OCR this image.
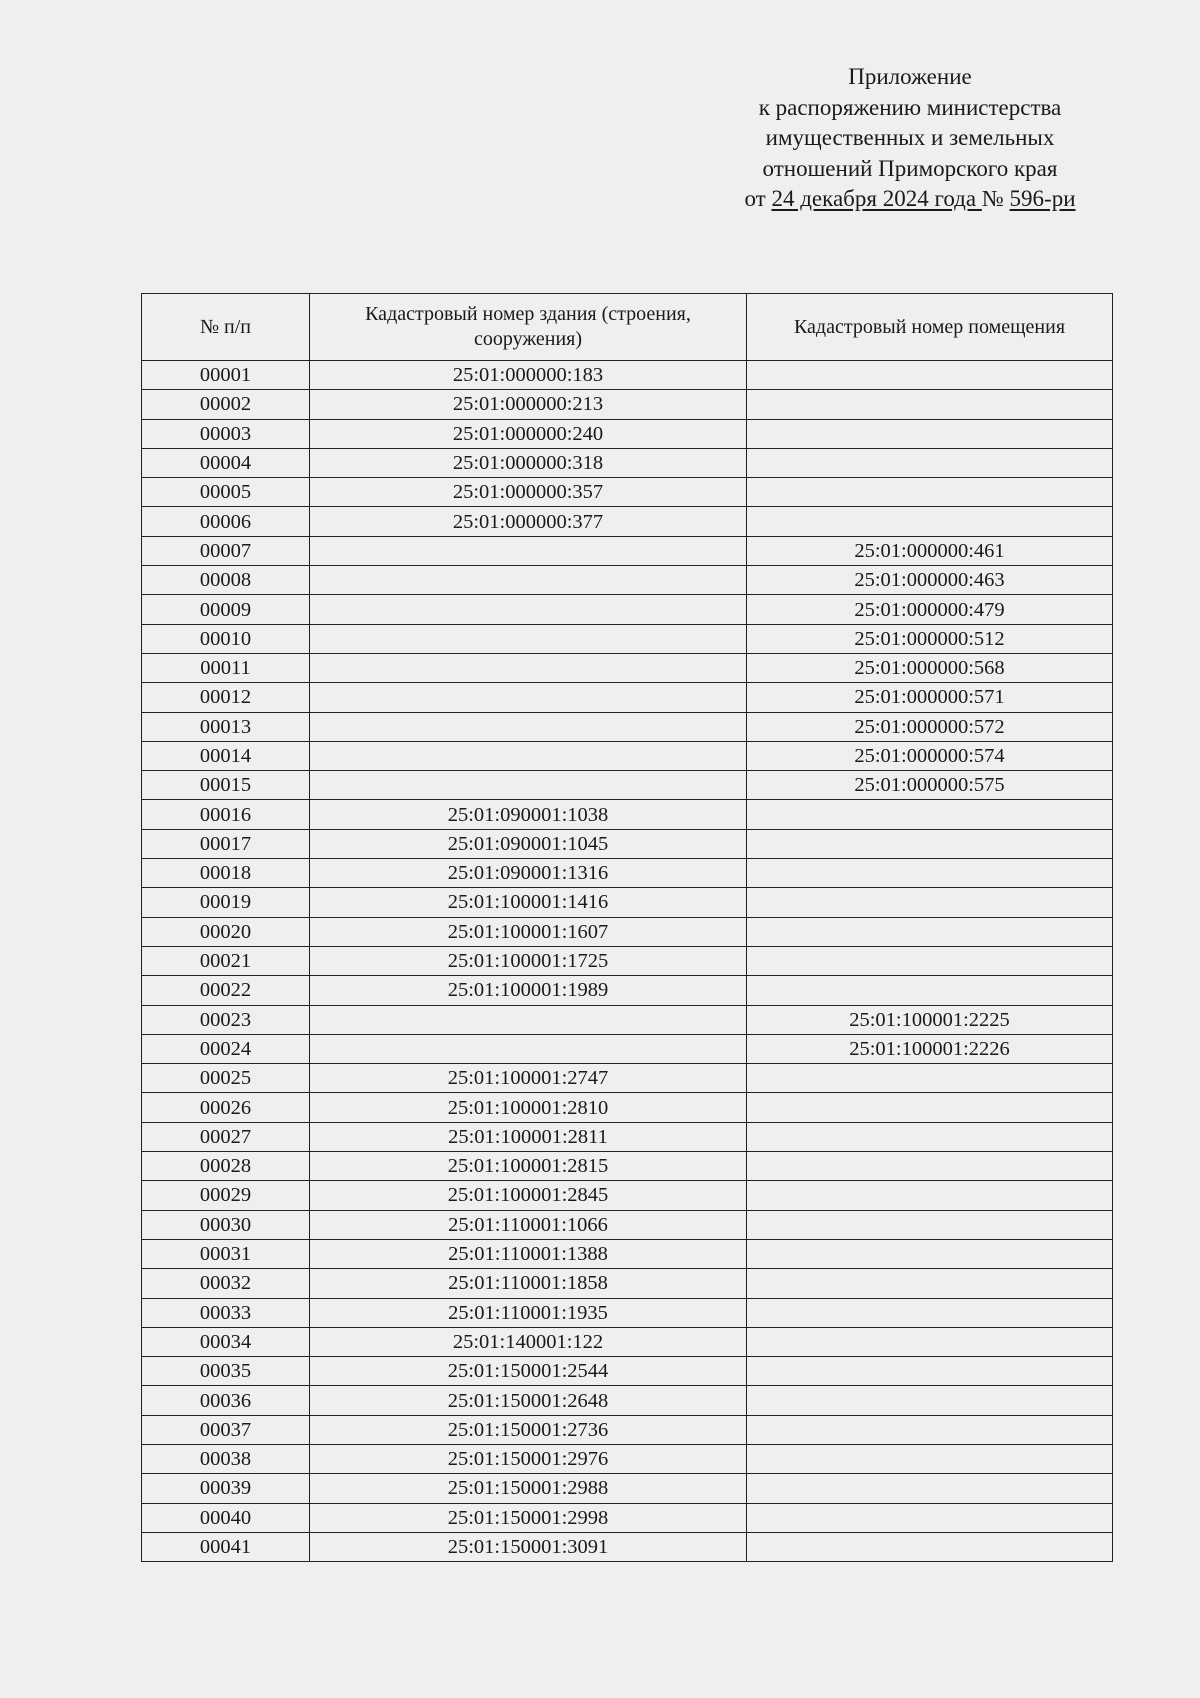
Приложение
к распоряжению министерства
имущественных и земельных
отношений Приморского края
от 24 декабря 2024 года № 596-ри
№ п/п	Кадастровый номер здания (строения, сооружения)	Кадастровый номер помещения
00001	25:01:000000:183	
00002	25:01:000000:213	
00003	25:01:000000:240	
00004	25:01:000000:318	
00005	25:01:000000:357	
00006	25:01:000000:377	
00007		25:01:000000:461
00008		25:01:000000:463
00009		25:01:000000:479
00010		25:01:000000:512
00011		25:01:000000:568
00012		25:01:000000:571
00013		25:01:000000:572
00014		25:01:000000:574
00015		25:01:000000:575
00016	25:01:090001:1038	
00017	25:01:090001:1045	
00018	25:01:090001:1316	
00019	25:01:100001:1416	
00020	25:01:100001:1607	
00021	25:01:100001:1725	
00022	25:01:100001:1989	
00023		25:01:100001:2225
00024		25:01:100001:2226
00025	25:01:100001:2747	
00026	25:01:100001:2810	
00027	25:01:100001:2811	
00028	25:01:100001:2815	
00029	25:01:100001:2845	
00030	25:01:110001:1066	
00031	25:01:110001:1388	
00032	25:01:110001:1858	
00033	25:01:110001:1935	
00034	25:01:140001:122	
00035	25:01:150001:2544	
00036	25:01:150001:2648	
00037	25:01:150001:2736	
00038	25:01:150001:2976	
00039	25:01:150001:2988	
00040	25:01:150001:2998	
00041	25:01:150001:3091	
